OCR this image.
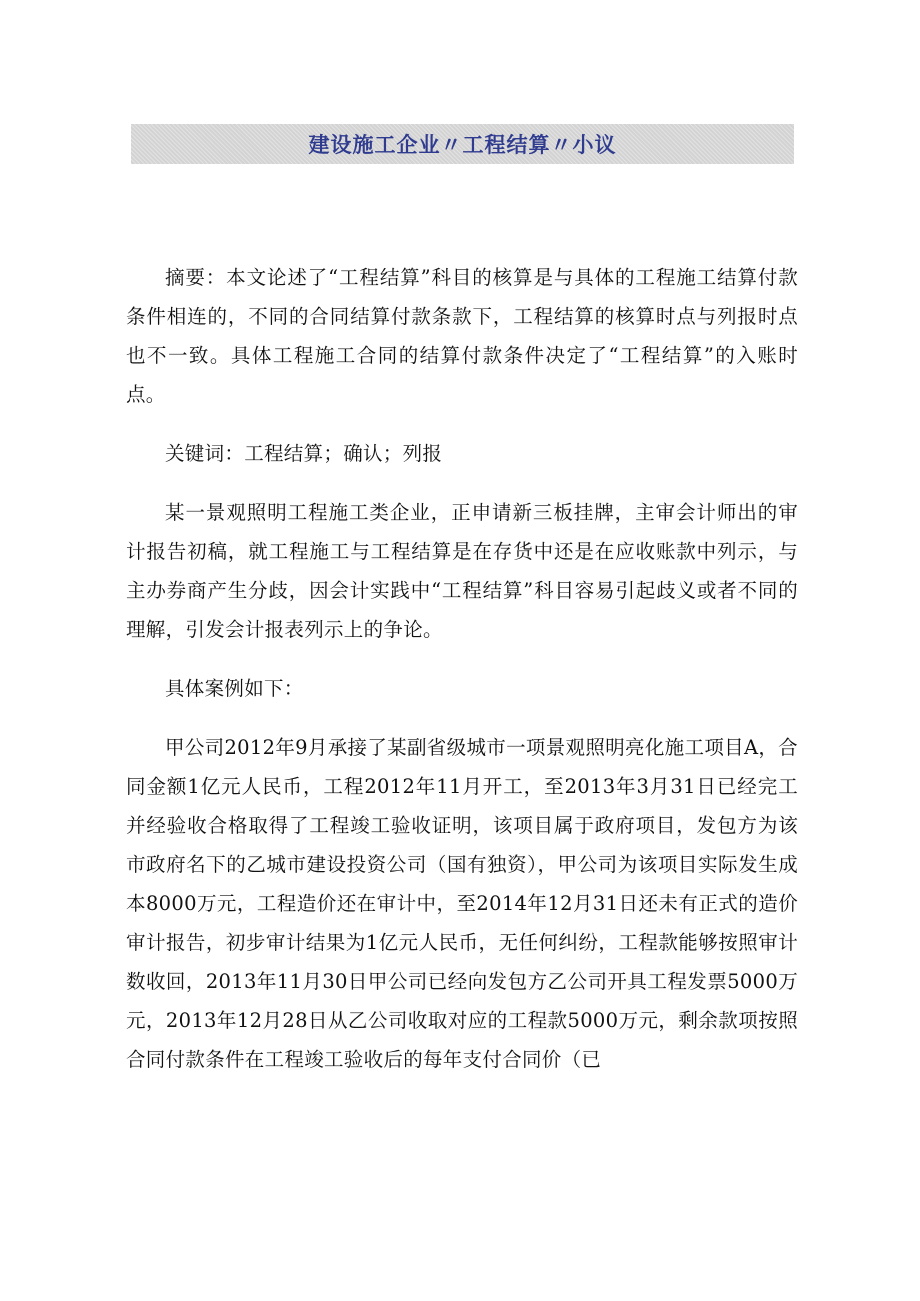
建设施工企业〃工程结算〃小议

摘要：本文论述了“工程结算”科目的核算是与具体的工程施工结算付款条件相连的，不同的合同结算付款条款下，工程结算的核算时点与列报时点也不一致。具体工程施工合同的结算付款条件决定了“工程结算”的入账时点。

关键词：工程结算；确认；列报

某一景观照明工程施工类企业，正申请新三板挂牌，主审会计师出的审计报告初稿，就工程施工与工程结算是在存货中还是在应收账款中列示，与主办券商产生分歧，因会计实践中“工程结算”科目容易引起歧义或者不同的理解，引发会计报表列示上的争论。

具体案例如下：

甲公司2012年9月承接了某副省级城市一项景观照明亮化施工项目A，合同金额1亿元人民币，工程2012年11月开工，至2013年3月31日已经完工并经验收合格取得了工程竣工验收证明，该项目属于政府项目，发包方为该市政府名下的乙城市建设投资公司（国有独资），甲公司为该项目实际发生成本8000万元，工程造价还在审计中，至2014年12月31日还未有正式的造价审计报告，初步审计结果为1亿元人民币，无任何纠纷，工程款能够按照审计数收回，2013年11月30日甲公司已经向发包方乙公司开具工程发票5000万元，2013年12月28日从乙公司收取对应的工程款5000万元，剩余款项按照合同付款条件在工程竣工验收后的每年支付合同价（已
